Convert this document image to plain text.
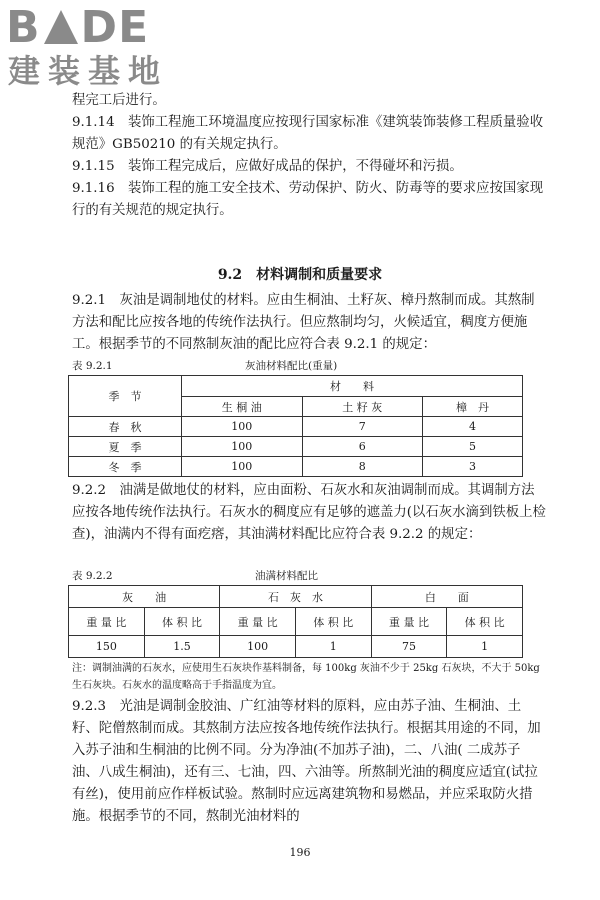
B DE
建装基地

程完工后进行。

9.1.14　装饰工程施工环境温度应按现行国家标准《建筑装饰装修工程质量验收规范》GB50210 的有关规定执行。

9.1.15　装饰工程完成后，应做好成品的保护，不得碰坏和污损。

9.1.16　装饰工程的施工安全技术、劳动保护、防火、防毒等的要求应按国家现行的有关规范的规定执行。

9.2　材料调制和质量要求

9.2.1　灰油是调制地仗的材料。应由生桐油、土籽灰、樟丹熬制而成。其熬制方法和配比应按各地的传统作法执行。但应熬制均匀，火候适宜，稠度方便施工。根据季节的不同熬制灰油的配比应符合表 9.2.1 的规定：

表 9.2.1	灰油材料配比(重量)
季　节	材　　料		
	生 桐 油	土 籽 灰	樟　丹
春　秋	100	7	4
夏　季	100	6	5
冬　季	100	8	3

9.2.2　油满是做地仗的材料，应由面粉、石灰水和灰油调制而成。其调制方法应按各地传统作法执行。石灰水的稠度应有足够的遮盖力(以石灰水滴到铁板上检查)，油满内不得有面疙瘩，其油满材料配比应符合表 9.2.2 的规定：

表 9.2.2	油满材料配比
灰　　油		石　灰　水		白　　面	
重 量 比	体 积 比	重 量 比	体 积 比	重 量 比	体 积 比
150	1.5	100	1	75	1
注：调制油满的石灰水，应使用生石灰块作基料制备，每 100kg 灰油不少于 25kg 石灰块，不大于 50kg 生石灰块。石灰水的温度略高于手指温度为宜。

9.2.3　光油是调制金胶油、广红油等材料的原料，应由苏子油、生桐油、土籽、陀僧熬制而成。其熬制方法应按各地传统作法执行。根据其用途的不同，加入苏子油和生桐油的比例不同。分为净油(不加苏子油)，二、八油( 二成苏子油、八成生桐油)，还有三、七油，四、六油等。所熬制光油的稠度应适宜(试拉有丝)，使用前应作样板试验。熬制时应远离建筑物和易燃品，并应采取防火措施。根据季节的不同，熬制光油材料的

196
